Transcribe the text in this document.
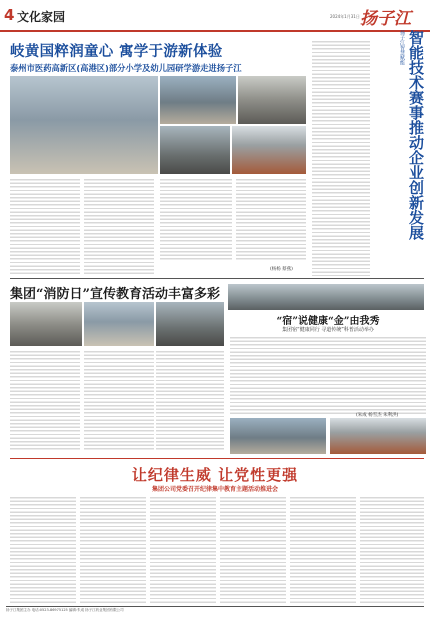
4 文化家园	2024年1月31日 扬子江
岐黄国粹润童心 寓学于游新体验
泰州市医药高新区(高港区)部分小学及幼儿园研学游走进扬子江
(杨杨 蔡燕)
智能技术赛事推动企业创新发展
扬子江智慧赋能
集团“消防日”宣传教育活动丰富多彩
“宿”说健康“金”由我秀
集团宿“健康同行 寻道传统”科普活动举办
(朱成 杨雪杰 朱利洪)
让纪律生威 让党性更强
集团公司党委召开纪律集中教育主题活动推进会
扬子江集团主办 电话:0523-86975125 编辑:朱成 扬子江药业集团有限公司
